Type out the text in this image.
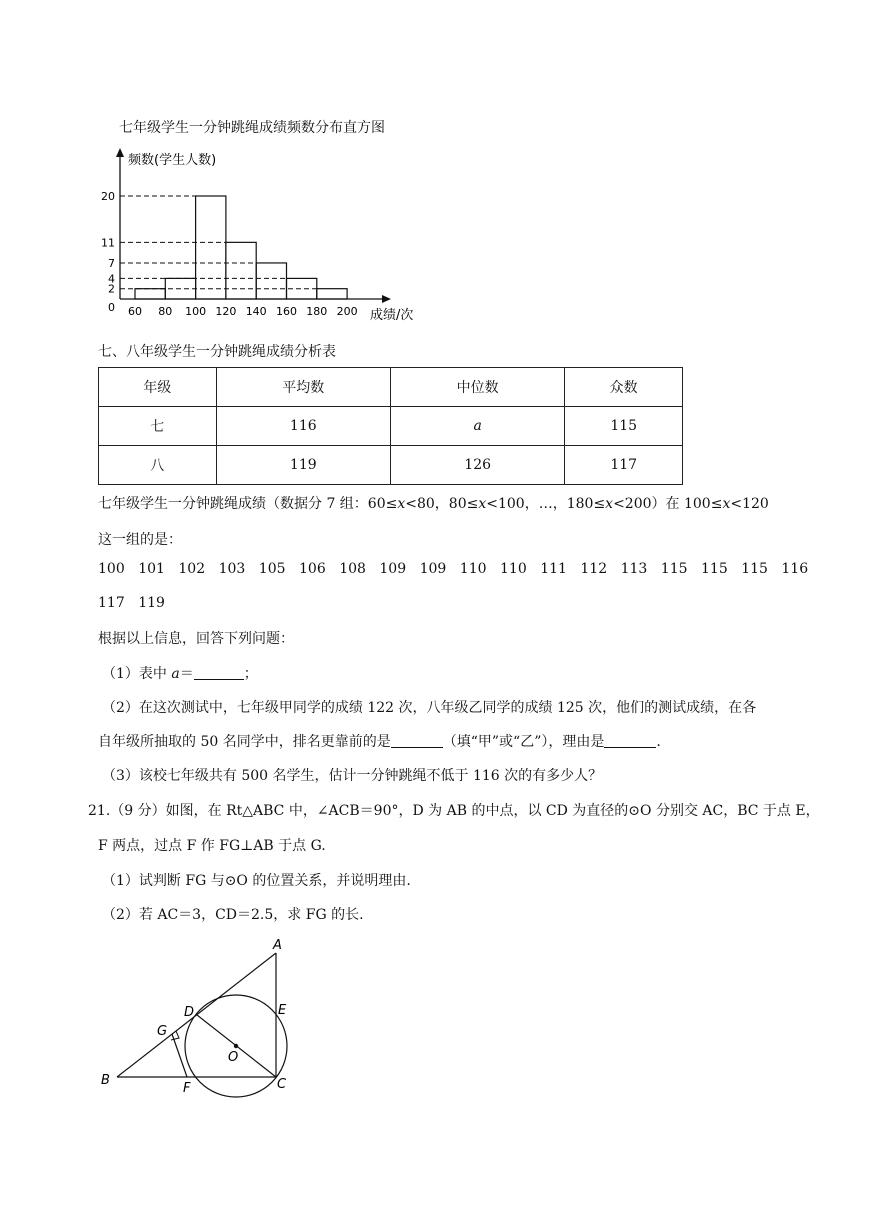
七年级学生一分钟跳绳成绩频数分布直方图
频数(学生人数)
成绩/次
0
2
4
7
11
20
60 80 100 120 140 160 180 200
七、八年级学生一分钟跳绳成绩分析表
年级	平均数	中位数	众数
七	116	a	115
八	119	126	117
七年级学生一分钟跳绳成绩（数据分 7 组：60≤x<80，80≤x<100，…，180≤x<200）在 100≤x<120
这一组的是：
100 101 102 103 105 106 108 109 109 110 110 111 112 113 115 115 115 116
117 119
根据以上信息，回答下列问题：
（1）表中 a＝	；
（2）在这次测试中，七年级甲同学的成绩 122 次，八年级乙同学的成绩 125 次，他们的测试成绩，在各
自年级所抽取的 50 名同学中，排名更靠前的是	（填“甲”或“乙”），理由是	.
（3）该校七年级共有 500 名学生，估计一分钟跳绳不低于 116 次的有多少人？
21.（9 分）如图，在 Rt△ABC 中，∠ACB＝90°，D 为 AB 的中点，以 CD 为直径的⊙O 分别交 AC，BC 于点 E，
F 两点，过点 F 作 FG⊥AB 于点 G.
（1）试判断 FG 与⊙O 的位置关系，并说明理由.
（2）若 AC＝3，CD＝2.5，求 FG 的长.
A
B	C
D	E
F
G
O
